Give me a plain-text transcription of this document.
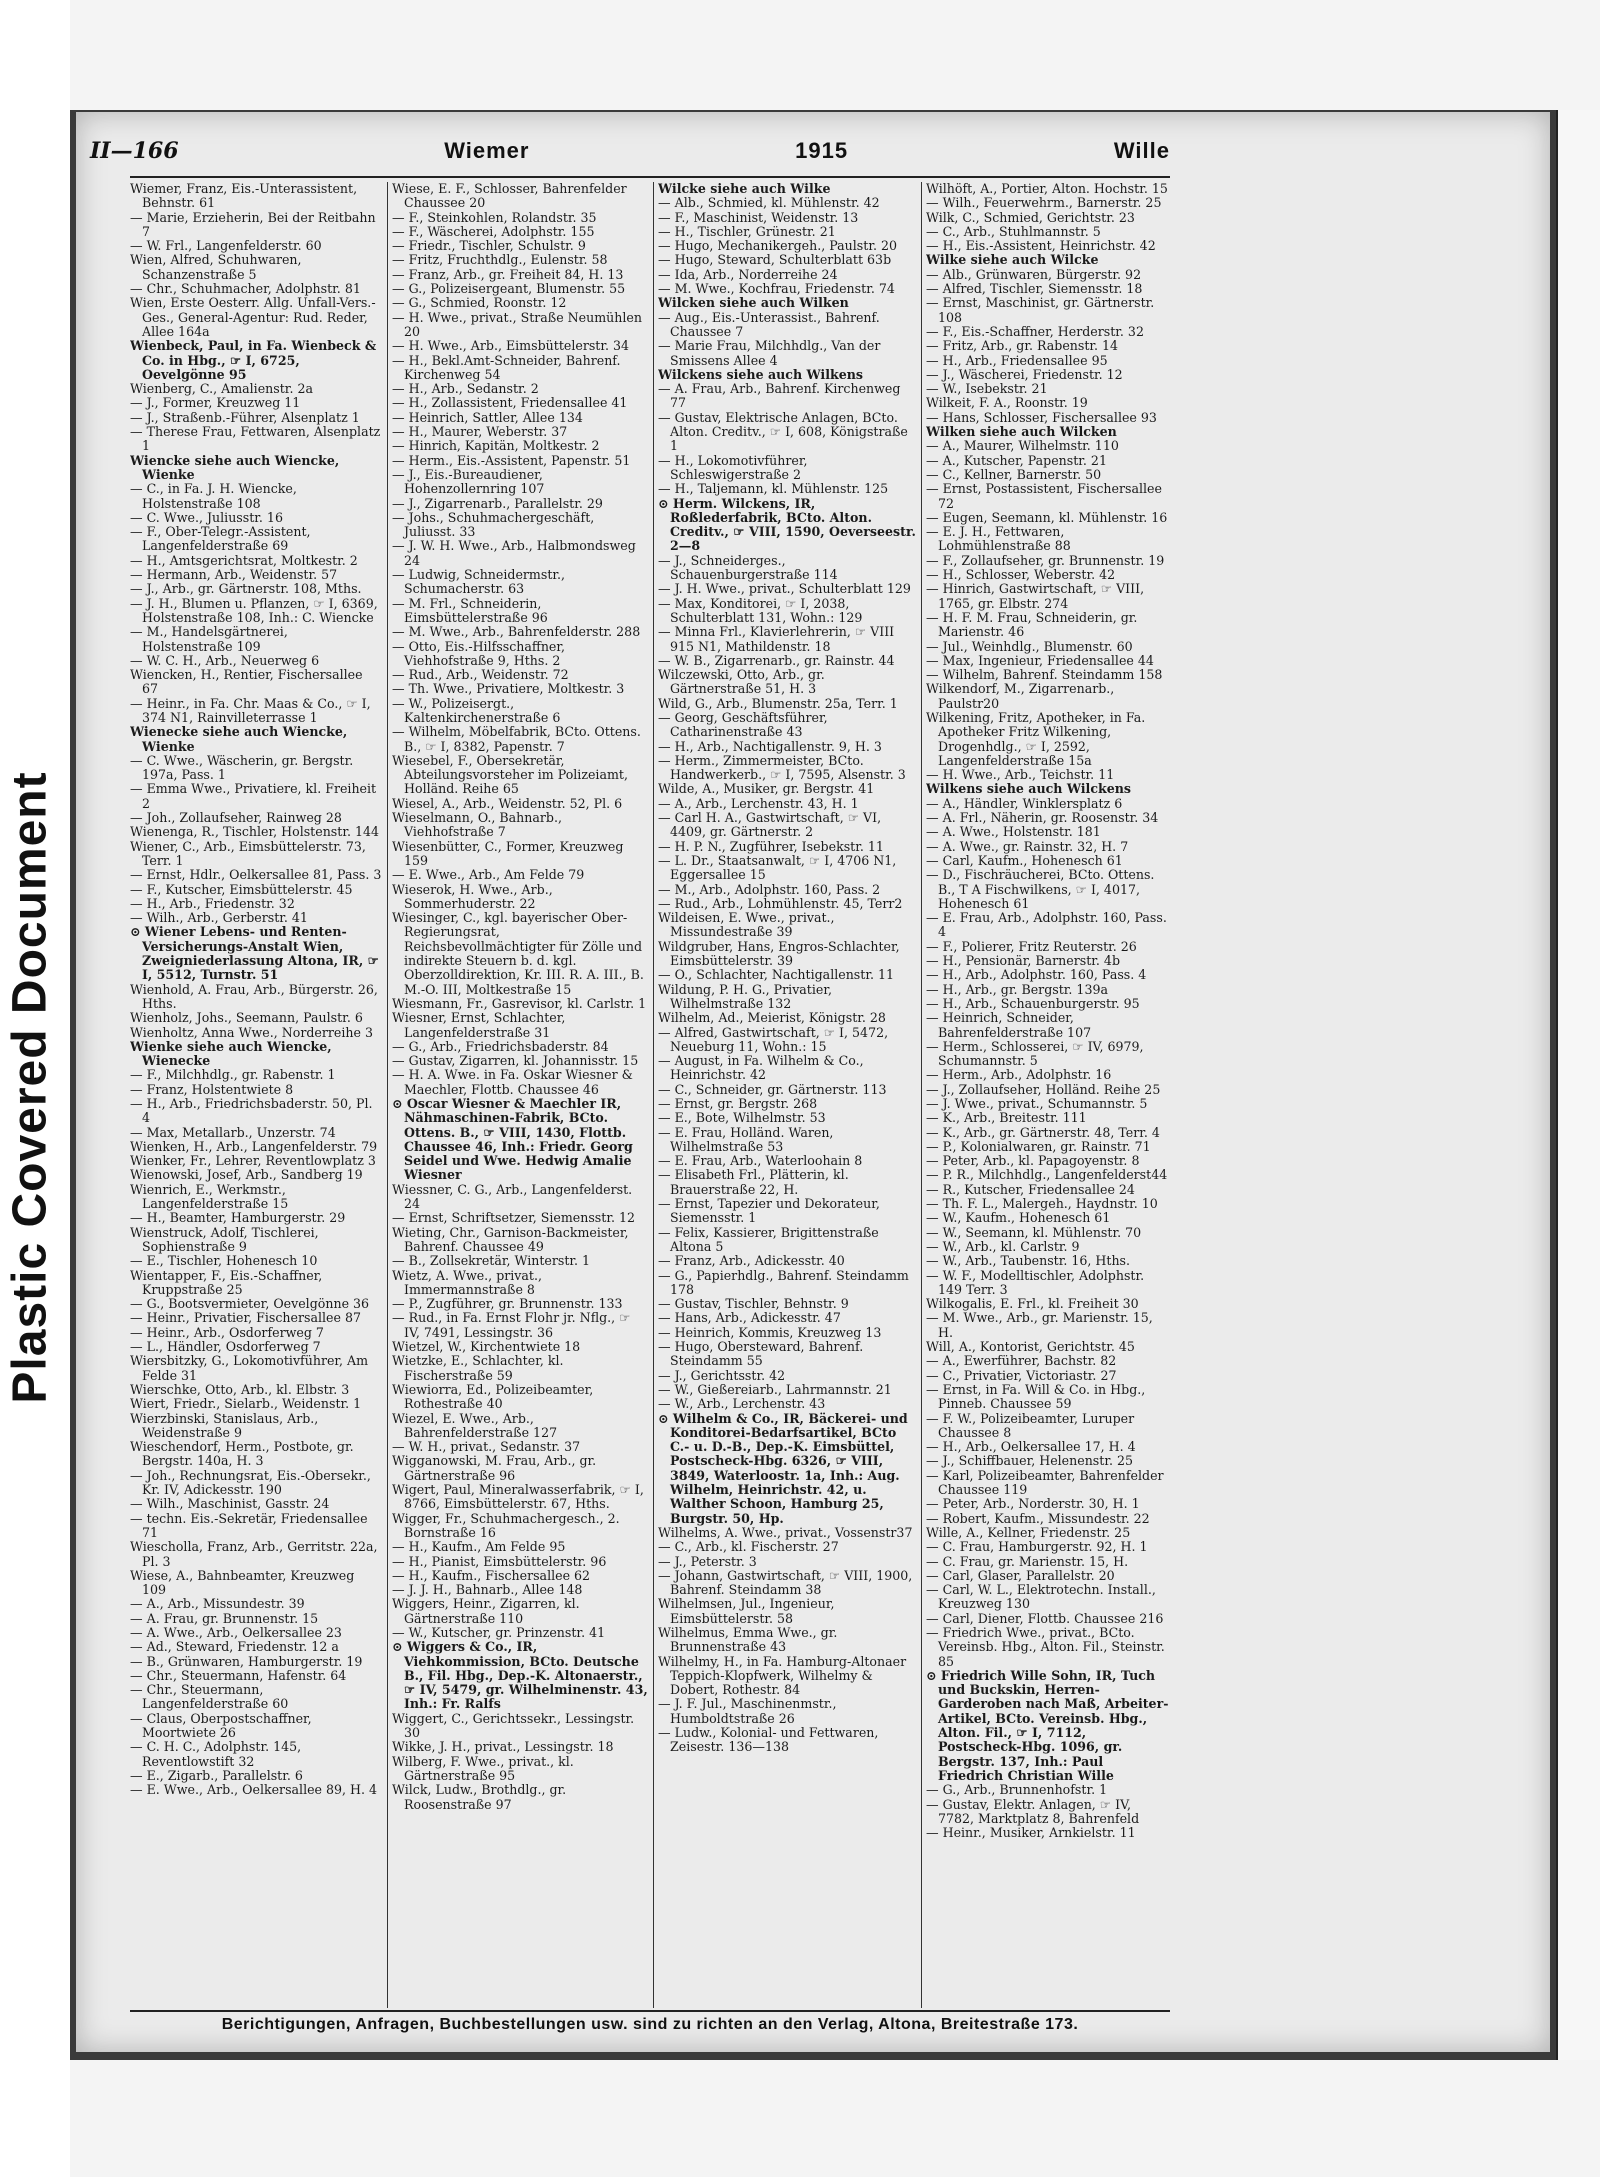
Plastic Covered Document
II—166	Wiemer	1915	Wille

Wiemer, Franz, Eis.-Unterassistent, Behnstr. 61

— Marie, Erzieherin, Bei der Reitbahn 7

— W. Frl., Langenfelderstr. 60

Wien, Alfred, Schuhwaren, Schanzenstraße 5

— Chr., Schuhmacher, Adolphstr. 81

Wien, Erste Oesterr. Allg. Unfall-Vers.-Ges., General-Agentur: Rud. Reder, Allee 164a

Wienbeck, Paul, in Fa. Wienbeck & Co. in Hbg., ☞ I, 6725, Oevelgönne 95

Wienberg, C., Amalienstr. 2a

— J., Former, Kreuzweg 11

— J., Straßenb.-Führer, Alsenplatz 1

— Therese Frau, Fettwaren, Alsenplatz 1

Wiencke siehe auch Wiencke, Wienke

— C., in Fa. J. H. Wiencke, Holstenstraße 108

— C. Wwe., Juliusstr. 16

— F., Ober-Telegr.-Assistent, Langenfelderstraße 69

— H., Amtsgerichtsrat, Moltkestr. 2

— Hermann, Arb., Weidenstr. 57

— J., Arb., gr. Gärtnerstr. 108, Mths.

— J. H., Blumen u. Pflanzen, ☞ I, 6369, Holstenstraße 108, Inh.: C. Wiencke

— M., Handelsgärtnerei, Holstenstraße 109

— W. C. H., Arb., Neuerweg 6

Wiencken, H., Rentier, Fischersallee 67

— Heinr., in Fa. Chr. Maas & Co., ☞ I, 374 N1, Rainvilleterrasse 1

Wienecke siehe auch Wiencke, Wienke

— C. Wwe., Wäscherin, gr. Bergstr. 197a, Pass. 1

— Emma Wwe., Privatiere, kl. Freiheit 2

— Joh., Zollaufseher, Rainweg 28

Wienenga, R., Tischler, Holstenstr. 144

Wiener, C., Arb., Eimsbüttelerstr. 73, Terr. 1

— Ernst, Hdlr., Oelkersallee 81, Pass. 3

— F., Kutscher, Eimsbüttelerstr. 45

— H., Arb., Friedenstr. 32

— Wilh., Arb., Gerberstr. 41

⊙ Wiener Lebens- und Renten-Versicherungs-Anstalt Wien, Zweigniederlassung Altona, IR, ☞ I, 5512, Turnstr. 51

Wienhold, A. Frau, Arb., Bürgerstr. 26, Hths.

Wienholz, Johs., Seemann, Paulstr. 6

Wienholtz, Anna Wwe., Norderreihe 3

Wienke siehe auch Wiencke, Wienecke

— F., Milchhdlg., gr. Rabenstr. 1

— Franz, Holstentwiete 8

— H., Arb., Friedrichsbaderstr. 50, Pl. 4

— Max, Metallarb., Unzerstr. 74

Wienken, H., Arb., Langenfelderstr. 79

Wienker, Fr., Lehrer, Reventlowplatz 3

Wienowski, Josef, Arb., Sandberg 19

Wienrich, E., Werkmstr., Langenfelderstraße 15

— H., Beamter, Hamburgerstr. 29

Wienstruck, Adolf, Tischlerei, Sophienstraße 9

— E., Tischler, Hohenesch 10

Wientapper, F., Eis.-Schaffner, Kruppstraße 25

— G., Bootsvermieter, Oevelgönne 36

— Heinr., Privatier, Fischersallee 87

— Heinr., Arb., Osdorferweg 7

— L., Händler, Osdorferweg 7

Wiersbitzky, G., Lokomotivführer, Am Felde 31

Wierschke, Otto, Arb., kl. Elbstr. 3

Wiert, Friedr., Sielarb., Weidenstr. 1

Wierzbinski, Stanislaus, Arb., Weidenstraße 9

Wieschendorf, Herm., Postbote, gr. Bergstr. 140a, H. 3

— Joh., Rechnungsrat, Eis.-Obersekr., Kr. IV, Adickesstr. 190

— Wilh., Maschinist, Gasstr. 24

— techn. Eis.-Sekretär, Friedensallee 71

Wiescholla, Franz, Arb., Gerritstr. 22a, Pl. 3

Wiese, A., Bahnbeamter, Kreuzweg 109

— A., Arb., Missundestr. 39

— A. Frau, gr. Brunnenstr. 15

— A. Wwe., Arb., Oelkersallee 23

— Ad., Steward, Friedenstr. 12 a

— B., Grünwaren, Hamburgerstr. 19

— Chr., Steuermann, Hafenstr. 64

— Chr., Steuermann, Langenfelderstraße 60

— Claus, Oberpostschaffner, Moortwiete 26

— C. H. C., Adolphstr. 145, Reventlowstift 32

— E., Zigarb., Parallelstr. 6

— E. Wwe., Arb., Oelkersallee 89, H. 4

Wiese, E. F., Schlosser, Bahrenfelder Chaussee 20

— F., Steinkohlen, Rolandstr. 35

— F., Wäscherei, Adolphstr. 155

— Friedr., Tischler, Schulstr. 9

— Fritz, Fruchthdlg., Eulenstr. 58

— Franz, Arb., gr. Freiheit 84, H. 13

— G., Polizeisergeant, Blumenstr. 55

— G., Schmied, Roonstr. 12

— H. Wwe., privat., Straße Neumühlen 20

— H. Wwe., Arb., Eimsbüttelerstr. 34

— H., Bekl.Amt-Schneider, Bahrenf. Kirchenweg 54

— H., Arb., Sedanstr. 2

— H., Zollassistent, Friedensallee 41

— Heinrich, Sattler, Allee 134

— H., Maurer, Weberstr. 37

— Hinrich, Kapitän, Moltkestr. 2

— Herm., Eis.-Assistent, Papenstr. 51

— J., Eis.-Bureaudiener, Hohenzollernring 107

— J., Zigarrenarb., Parallelstr. 29

— Johs., Schuhmachergeschäft, Juliusst. 33

— J. W. H. Wwe., Arb., Halbmondsweg 24

— Ludwig, Schneidermstr., Schumacherstr. 63

— M. Frl., Schneiderin, Eimsbüttelerstraße 96

— M. Wwe., Arb., Bahrenfelderstr. 288

— Otto, Eis.-Hilfsschaffner, Viehhofstraße 9, Hths. 2

— Rud., Arb., Weidenstr. 72

— Th. Wwe., Privatiere, Moltkestr. 3

— W., Polizeisergt., Kaltenkirchenerstraße 6

— Wilhelm, Möbelfabrik, BCto. Ottens. B., ☞ I, 8382, Papenstr. 7

Wiesebel, F., Obersekretär, Abteilungsvorsteher im Polizeiamt, Holländ. Reihe 65

Wiesel, A., Arb., Weidenstr. 52, Pl. 6

Wieselmann, O., Bahnarb., Viehhofstraße 7

Wiesenbütter, C., Former, Kreuzweg 159

— E. Wwe., Arb., Am Felde 79

Wieserok, H. Wwe., Arb., Sommerhuderstr. 22

Wiesinger, C., kgl. bayerischer Ober-Regierungsrat, Reichsbevollmächtigter für Zölle und indirekte Steuern b. d. kgl. Oberzolldirektion, Kr. III. R. A. III., B. M.-O. III, Moltkestraße 15

Wiesmann, Fr., Gasrevisor, kl. Carlstr. 1

Wiesner, Ernst, Schlachter, Langenfelderstraße 31

— G., Arb., Friedrichsbaderstr. 84

— Gustav, Zigarren, kl. Johannisstr. 15

— H. A. Wwe. in Fa. Oskar Wiesner & Maechler, Flottb. Chaussee 46

⊙ Oscar Wiesner & Maechler IR, Nähmaschinen-Fabrik, BCto. Ottens. B., ☞ VIII, 1430, Flottb. Chaussee 46, Inh.: Friedr. Georg Seidel und Wwe. Hedwig Amalie Wiesner

Wiessner, C. G., Arb., Langenfelderst. 24

— Ernst, Schriftsetzer, Siemensstr. 12

Wieting, Chr., Garnison-Backmeister, Bahrenf. Chaussee 49

— B., Zollsekretär, Winterstr. 1

Wietz, A. Wwe., privat., Immermannstraße 8

— P., Zugführer, gr. Brunnenstr. 133

— Rud., in Fa. Ernst Flohr jr. Nflg., ☞ IV, 7491, Lessingstr. 36

Wietzel, W., Kirchentwiete 18

Wietzke, E., Schlachter, kl. Fischerstraße 59

Wiewiorra, Ed., Polizeibeamter, Rothestraße 40

Wiezel, E. Wwe., Arb., Bahrenfelderstraße 127

— W. H., privat., Sedanstr. 37

Wigganowski, M. Frau, Arb., gr. Gärtnerstraße 96

Wigert, Paul, Mineralwasserfabrik, ☞ I, 8766, Eimsbüttelerstr. 67, Hths.

Wigger, Fr., Schuhmachergesch., 2. Bornstraße 16

— H., Kaufm., Am Felde 95

— H., Pianist, Eimsbüttelerstr. 96

— H., Kaufm., Fischersallee 62

— J. J. H., Bahnarb., Allee 148

Wiggers, Heinr., Zigarren, kl. Gärtnerstraße 110

— W., Kutscher, gr. Prinzenstr. 41

⊙ Wiggers & Co., IR, Viehkommission, BCto. Deutsche B., Fil. Hbg., Dep.-K. Altonaerstr., ☞ IV, 5479, gr. Wilhelminenstr. 43, Inh.: Fr. Ralfs

Wiggert, C., Gerichtssekr., Lessingstr. 30

Wikke, J. H., privat., Lessingstr. 18

Wilberg, F. Wwe., privat., kl. Gärtnerstraße 95

Wilck, Ludw., Brothdlg., gr. Roosenstraße 97

Wilcke siehe auch Wilke

— Alb., Schmied, kl. Mühlenstr. 42

— F., Maschinist, Weidenstr. 13

— H., Tischler, Grünestr. 21

— Hugo, Mechanikergeh., Paulstr. 20

— Hugo, Steward, Schulterblatt 63b

— Ida, Arb., Norderreihe 24

— M. Wwe., Kochfrau, Friedenstr. 74

Wilcken siehe auch Wilken

— Aug., Eis.-Unterassist., Bahrenf. Chaussee 7

— Marie Frau, Milchhdlg., Van der Smissens Allee 4

Wilckens siehe auch Wilkens

— A. Frau, Arb., Bahrenf. Kirchenweg 77

— Gustav, Elektrische Anlagen, BCto. Alton. Creditv., ☞ I, 608, Königstraße 1

— H., Lokomotivführer, Schleswigerstraße 2

— H., Taljemann, kl. Mühlenstr. 125

⊙ Herm. Wilckens, IR, Roßlederfabrik, BCto. Alton. Creditv., ☞ VIII, 1590, Oeverseestr. 2—8

— J., Schneiderges., Schauenburgerstraße 114

— J. H. Wwe., privat., Schulterblatt 129

— Max, Konditorei, ☞ I, 2038, Schulterblatt 131, Wohn.: 129

— Minna Frl., Klavierlehrerin, ☞ VIII 915 N1, Mathildenstr. 18

— W. B., Zigarrenarb., gr. Rainstr. 44

Wilczewski, Otto, Arb., gr. Gärtnerstraße 51, H. 3

Wild, G., Arb., Blumenstr. 25a, Terr. 1

— Georg, Geschäftsführer, Catharinenstraße 43

— H., Arb., Nachtigallenstr. 9, H. 3

— Herm., Zimmermeister, BCto. Handwerkerb., ☞ I, 7595, Alsenstr. 3

Wilde, A., Musiker, gr. Bergstr. 41

— A., Arb., Lerchenstr. 43, H. 1

— Carl H. A., Gastwirtschaft, ☞ VI, 4409, gr. Gärtnerstr. 2

— H. P. N., Zugführer, Isebekstr. 11

— L. Dr., Staatsanwalt, ☞ I, 4706 N1, Eggersallee 15

— M., Arb., Adolphstr. 160, Pass. 2

— Rud., Arb., Lohmühlenstr. 45, Terr2

Wildeisen, E. Wwe., privat., Missundestraße 39

Wildgruber, Hans, Engros-Schlachter, Eimsbüttelerstr. 39

— O., Schlachter, Nachtigallenstr. 11

Wildung, P. H. G., Privatier, Wilhelmstraße 132

Wilhelm, Ad., Meierist, Königstr. 28

— Alfred, Gastwirtschaft, ☞ I, 5472, Neueburg 11, Wohn.: 15

— August, in Fa. Wilhelm & Co., Heinrichstr. 42

— C., Schneider, gr. Gärtnerstr. 113

— Ernst, gr. Bergstr. 268

— E., Bote, Wilhelmstr. 53

— E. Frau, Holländ. Waren, Wilhelmstraße 53

— E. Frau, Arb., Waterloohain 8

— Elisabeth Frl., Plätterin, kl. Brauerstraße 22, H.

— Ernst, Tapezier und Dekorateur, Siemensstr. 1

— Felix, Kassierer, Brigittenstraße Altona 5

— Franz, Arb., Adickesstr. 40

— G., Papierhdlg., Bahrenf. Steindamm 178

— Gustav, Tischler, Behnstr. 9

— Hans, Arb., Adickesstr. 47

— Heinrich, Kommis, Kreuzweg 13

— Hugo, Obersteward, Bahrenf. Steindamm 55

— J., Gerichtsstr. 42

— W., Gießereiarb., Lahrmannstr. 21

— W., Arb., Lerchenstr. 43

⊙ Wilhelm & Co., IR, Bäckerei- und Konditorei-Bedarfsartikel, BCto C.- u. D.-B., Dep.-K. Eimsbüttel, Postscheck-Hbg. 6326, ☞ VIII, 3849, Waterloostr. 1a, Inh.: Aug. Wilhelm, Heinrichstr. 42, u. Walther Schoon, Hamburg 25, Burgstr. 50, Hp.

Wilhelms, A. Wwe., privat., Vossenstr37

— C., Arb., kl. Fischerstr. 27

— J., Peterstr. 3

— Johann, Gastwirtschaft, ☞ VIII, 1900, Bahrenf. Steindamm 38

Wilhelmsen, Jul., Ingenieur, Eimsbüttelerstr. 58

Wilhelmus, Emma Wwe., gr. Brunnenstraße 43

Wilhelmy, H., in Fa. Hamburg-Altonaer Teppich-Klopfwerk, Wilhelmy & Dobert, Rothestr. 84

— J. F. Jul., Maschinenmstr., Humboldtstraße 26

— Ludw., Kolonial- und Fettwaren, Zeisestr. 136—138

Wilhöft, A., Portier, Alton. Hochstr. 15

— Wilh., Feuerwehrm., Barnerstr. 25

Wilk, C., Schmied, Gerichtstr. 23

— C., Arb., Stuhlmannstr. 5

— H., Eis.-Assistent, Heinrichstr. 42

Wilke siehe auch Wilcke

— Alb., Grünwaren, Bürgerstr. 92

— Alfred, Tischler, Siemensstr. 18

— Ernst, Maschinist, gr. Gärtnerstr. 108

— F., Eis.-Schaffner, Herderstr. 32

— Fritz, Arb., gr. Rabenstr. 14

— H., Arb., Friedensallee 95

— J., Wäscherei, Friedenstr. 12

— W., Isebekstr. 21

Wilkeit, F. A., Roonstr. 19

— Hans, Schlosser, Fischersallee 93

Wilken siehe auch Wilcken

— A., Maurer, Wilhelmstr. 110

— A., Kutscher, Papenstr. 21

— C., Kellner, Barnerstr. 50

— Ernst, Postassistent, Fischersallee 72

— Eugen, Seemann, kl. Mühlenstr. 16

— E. J. H., Fettwaren, Lohmühlenstraße 88

— F., Zollaufseher, gr. Brunnenstr. 19

— H., Schlosser, Weberstr. 42

— Hinrich, Gastwirtschaft, ☞ VIII, 1765, gr. Elbstr. 274

— H. F. M. Frau, Schneiderin, gr. Marienstr. 46

— Jul., Weinhdlg., Blumenstr. 60

— Max, Ingenieur, Friedensallee 44

— Wilhelm, Bahrenf. Steindamm 158

Wilkendorf, M., Zigarrenarb., Paulstr20

Wilkening, Fritz, Apotheker, in Fa. Apotheker Fritz Wilkening, Drogenhdlg., ☞ I, 2592, Langenfelderstraße 15a

— H. Wwe., Arb., Teichstr. 11

Wilkens siehe auch Wilckens

— A., Händler, Winklersplatz 6

— A. Frl., Näherin, gr. Roosenstr. 34

— A. Wwe., Holstenstr. 181

— A. Wwe., gr. Rainstr. 32, H. 7

— Carl, Kaufm., Hohenesch 61

— D., Fischräucherei, BCto. Ottens. B., T A Fischwilkens, ☞ I, 4017, Hohenesch 61

— E. Frau, Arb., Adolphstr. 160, Pass. 4

— F., Polierer, Fritz Reuterstr. 26

— H., Pensionär, Barnerstr. 4b

— H., Arb., Adolphstr. 160, Pass. 4

— H., Arb., gr. Bergstr. 139a

— H., Arb., Schauenburgerstr. 95

— Heinrich, Schneider, Bahrenfelderstraße 107

— Herm., Schlosserei, ☞ IV, 6979, Schumannstr. 5

— Herm., Arb., Adolphstr. 16

— J., Zollaufseher, Holländ. Reihe 25

— J. Wwe., privat., Schumannstr. 5

— K., Arb., Breitestr. 111

— K., Arb., gr. Gärtnerstr. 48, Terr. 4

— P., Kolonialwaren, gr. Rainstr. 71

— Peter, Arb., kl. Papagoyenstr. 8

— P. R., Milchhdlg., Langenfelderst44

— R., Kutscher, Friedensallee 24

— Th. F. L., Malergeh., Haydnstr. 10

— W., Kaufm., Hohenesch 61

— W., Seemann, kl. Mühlenstr. 70

— W., Arb., kl. Carlstr. 9

— W., Arb., Taubenstr. 16, Hths.

— W. F., Modelltischler, Adolphstr. 149 Terr. 3

Wilkogalis, E. Frl., kl. Freiheit 30

— M. Wwe., Arb., gr. Marienstr. 15, H.

Will, A., Kontorist, Gerichtstr. 45

— A., Ewerführer, Bachstr. 82

— C., Privatier, Victoriastr. 27

— Ernst, in Fa. Will & Co. in Hbg., Pinneb. Chaussee 59

— F. W., Polizeibeamter, Luruper Chaussee 8

— H., Arb., Oelkersallee 17, H. 4

— J., Schiffbauer, Helenenstr. 25

— Karl, Polizeibeamter, Bahrenfelder Chaussee 119

— Peter, Arb., Norderstr. 30, H. 1

— Robert, Kaufm., Missundestr. 22

Wille, A., Kellner, Friedenstr. 25

— C. Frau, Hamburgerstr. 92, H. 1

— C. Frau, gr. Marienstr. 15, H.

— Carl, Glaser, Parallelstr. 20

— Carl, W. L., Elektrotechn. Install., Kreuzweg 130

— Carl, Diener, Flottb. Chaussee 216

— Friedrich Wwe., privat., BCto. Vereinsb. Hbg., Alton. Fil., Steinstr. 85

⊙ Friedrich Wille Sohn, IR, Tuch und Buckskin, Herren-Garderoben nach Maß, Arbeiter-Artikel, BCto. Vereinsb. Hbg., Alton. Fil., ☞ I, 7112, Postscheck-Hbg. 1096, gr. Bergstr. 137, Inh.: Paul Friedrich Christian Wille

— G., Arb., Brunnenhofstr. 1

— Gustav, Elektr. Anlagen, ☞ IV, 7782, Marktplatz 8, Bahrenfeld

— Heinr., Musiker, Arnkielstr. 11

Berichtigungen, Anfragen, Buchbestellungen usw. sind zu richten an den Verlag, Altona, Breitestraße 173.
